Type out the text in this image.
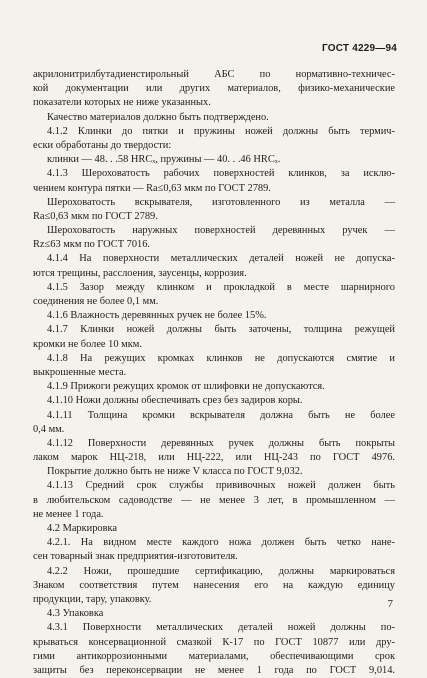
ГОСТ 4229—94
акрилонитрилбутадиенстирольный АБС по нормативно-техничес-
кой документации или других материалов, физико-механические
показатели которых не ниже указанных.
Качество материалов должно быть подтверждено.
4.1.2 Клинки до пятки и пружины ножей должны быть термич-
ески обработаны до твердости:
клинки — 48. . .58 HRCₓ, пружины — 40. . .46 HRCₓ.
4.1.3 Шероховатость рабочих поверхностей клинков, за исклю-
чением контура пятки — Ra≤0,63 мкм по ГОСТ 2789.
Шероховатость вскрывателя, изготовленного из металла —
Ra≤0,63 мкм по ГОСТ 2789.
Шероховатость наружных поверхностей деревянных ручек —
Rz≤63 мкм по ГОСТ 7016.
4.1.4 На поверхности металлических деталей ножей не допуска-
ются трещины, расслоения, заусенцы, коррозия.
4.1.5 Зазор между клинком и прокладкой в месте шарнирного
соединения не более 0,1 мм.
4.1.6 Влажность деревянных ручек не более 15%.
4.1.7 Клинки ножей должны быть заточены, толщина режущей
кромки не более 10 мкм.
4.1.8 На режущих кромках клинков не допускаются смятие и
выкрошенные места.
4.1.9 Прижоги режущих кромок от шлифовки не допускаются.
4.1.10 Ножи должны обеспечивать срез без задиров коры.
4.1.11 Толщина кромки вскрывателя должна быть не более
0,4 мм.
4.1.12 Поверхности деревянных ручек должны быть покрыты
лаком марок НЦ-218, или НЦ-222, или НЦ-243 по ГОСТ 4976.
Покрытие должно быть не ниже V класса по ГОСТ 9,032.
4.1.13 Средний срок службы прививочных ножей должен быть
в любительском садоводстве — не менее 3 лет, в промышленном —
не менее 1 года.
4.2 Маркировка
4.2.1. На видном месте каждого ножа должен быть четко нане-
сен товарный знак предприятия-изготовителя.
4.2.2 Ножи, прошедшие сертификацию, должны маркироваться
Знаком соответствия путем нанесения его на каждую единицу
продукции, тару, упаковку.
4.3 Упаковка
4.3.1 Поверхности металлических деталей ножей должны по-
крываться консервационной смазкой К-17 по ГОСТ 10877 или дру-
гими антикоррозионными материалами, обеспечивающими срок
защиты без переконсервации не менее 1 года по ГОСТ 9,014.
7
